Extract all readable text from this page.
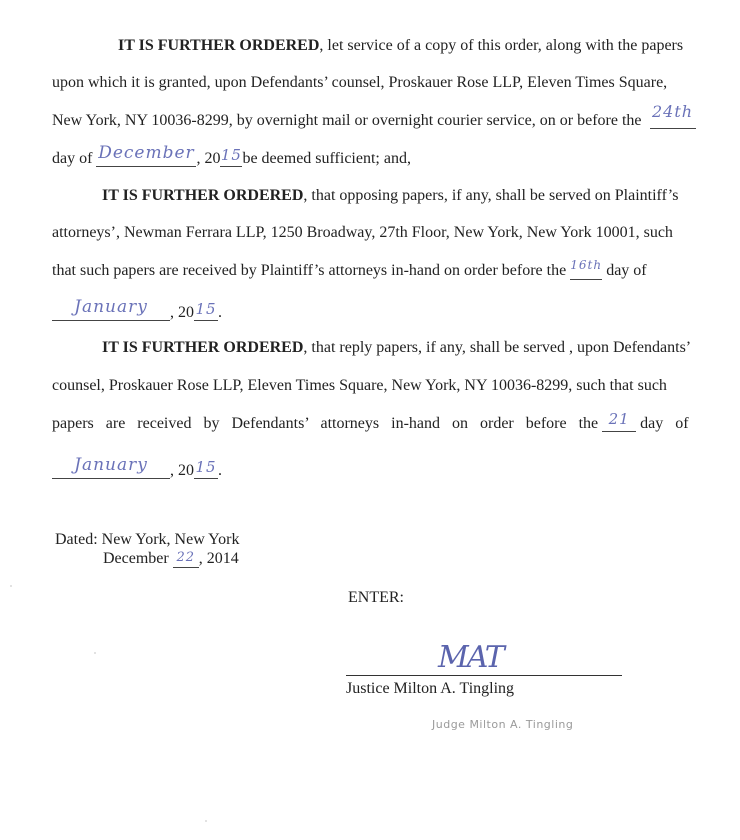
IT IS FURTHER ORDERED, let service of a copy of this order, along with the papers
upon which it is granted, upon Defendants’ counsel, Proskauer Rose LLP, Eleven Times Square,
New York, NY 10036-8299, by overnight mail or overnight courier service, on or before the 24th
day of December , 2015be deemed sufficient; and,
IT IS FURTHER ORDERED, that opposing papers, if any, shall be served on Plaintiff’s
attorneys’, Newman Ferrara LLP, 1250 Broadway, 27th Floor, New York, New York 10001, such
that such papers are received by Plaintiff’s attorneys in-hand on order before the 16th day of
January , 2015.
IT IS FURTHER ORDERED, that reply papers, if any, shall be served , upon Defendants’
counsel, Proskauer Rose LLP, Eleven Times Square, New York, NY 10036-8299, such that such
papers   are   received   by   Defendants’   attorneys   in-hand   on   order   before   the 21 day   of
January , 2015.
Dated: New York, New York
December 22 , 2014
ENTER:
MAT
Justice Milton A. Tingling
Judge Milton A. Tingling
